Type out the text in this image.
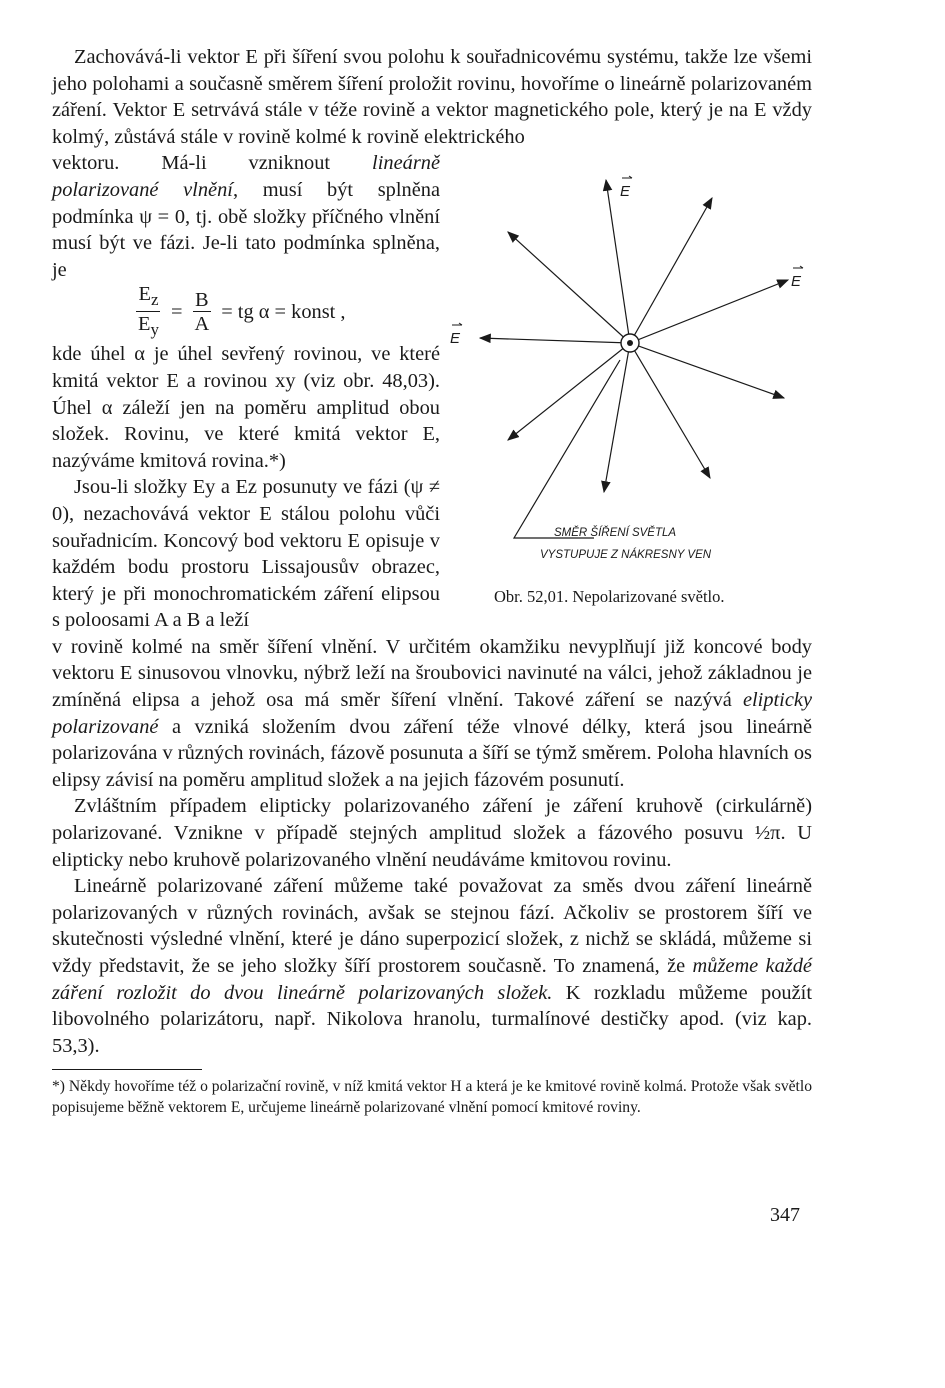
Zachovává-li vektor E při šíření svou polohu k souřadnicovému systému, takže lze všemi jeho polohami a současně směrem šíření proložit rovinu, hovoříme o lineárně polarizovaném záření. Vektor E setrvává stále v téže rovině a vektor magnetického pole, který je na E vždy kolmý, zůstává stále v rovině kolmé k rovině elektrického

vektoru. Má-li vzniknout lineárně polarizované vlnění, musí být splněna podmínka ψ = 0, tj. obě složky příčného vlnění musí být ve fázi. Je-li tato podmínka splněna, je

$\frac{E_z}{E_y} = \frac{B}{A}$ = tg α = konst ,

kde úhel α je úhel sevřený rovinou, ve které kmitá vektor E a rovinou xy (viz obr. 48,03). Úhel α záleží jen na poměru amplitud obou složek. Rovinu, ve které kmitá vektor E, nazýváme kmitová rovina.*)

Jsou-li složky Ey a Ez posunuty ve fázi (ψ ≠ 0), nezachovává vektor E stálou polohu vůči souřadnicím. Koncový bod vektoru E opisuje v každém bodu prostoru Lissajousův obrazec, který je při monochromatickém záření elipsou s poloosami A a B a leží

v rovině kolmé na směr šíření vlnění. V určitém okamžiku nevyplňují již koncové body vektoru E sinusovou vlnovku, nýbrž leží na šroubovici navinuté na válci, jehož základnou je zmíněná elipsa a jehož osa má směr šíření vlnění. Takové záření se nazývá elipticky polarizované a vzniká složením dvou záření téže vlnové délky, která jsou lineárně polarizována v různých rovinách, fázově posunuta a šíří se týmž směrem. Poloha hlavních os elipsy závisí na poměru amplitud složek a na jejich fázovém posunutí.

Zvláštním případem elipticky polarizovaného záření je záření kruhově (cirkulárně) polarizované. Vznikne v případě stejných amplitud složek a fázového posuvu ½π. U elipticky nebo kruhově polarizovaného vlnění neudáváme kmitovou rovinu.

Lineárně polarizované záření můžeme také považovat za směs dvou záření lineárně polarizovaných v různých rovinách, avšak se stejnou fází. Ačkoliv se prostorem šíří ve skutečnosti výsledné vlnění, které je dáno superpozicí složek, z nichž se skládá, můžeme si vždy představit, že se jeho složky šíří prostorem současně. To znamená, že můžeme každé záření rozložit do dvou lineárně polarizovaných složek. K rozkladu můžeme použít libovolného polarizátoru, např. Nikolova hranolu, turmalínové destičky apod. (viz kap. 53,3).

*) Někdy hovoříme též o polarizační rovině, v níž kmitá vektor H a která je ke kmitové rovině kolmá. Protože však světlo popisujeme běžně vektorem E, určujeme lineárně polarizované vlnění pomocí kmitové roviny.

E
E
E
SMĚR ŠÍŘENÍ SVĚTLA
VYSTUPUJE Z NÁKRESNY VEN
Obr. 52,01. Nepolarizované světlo.
347
